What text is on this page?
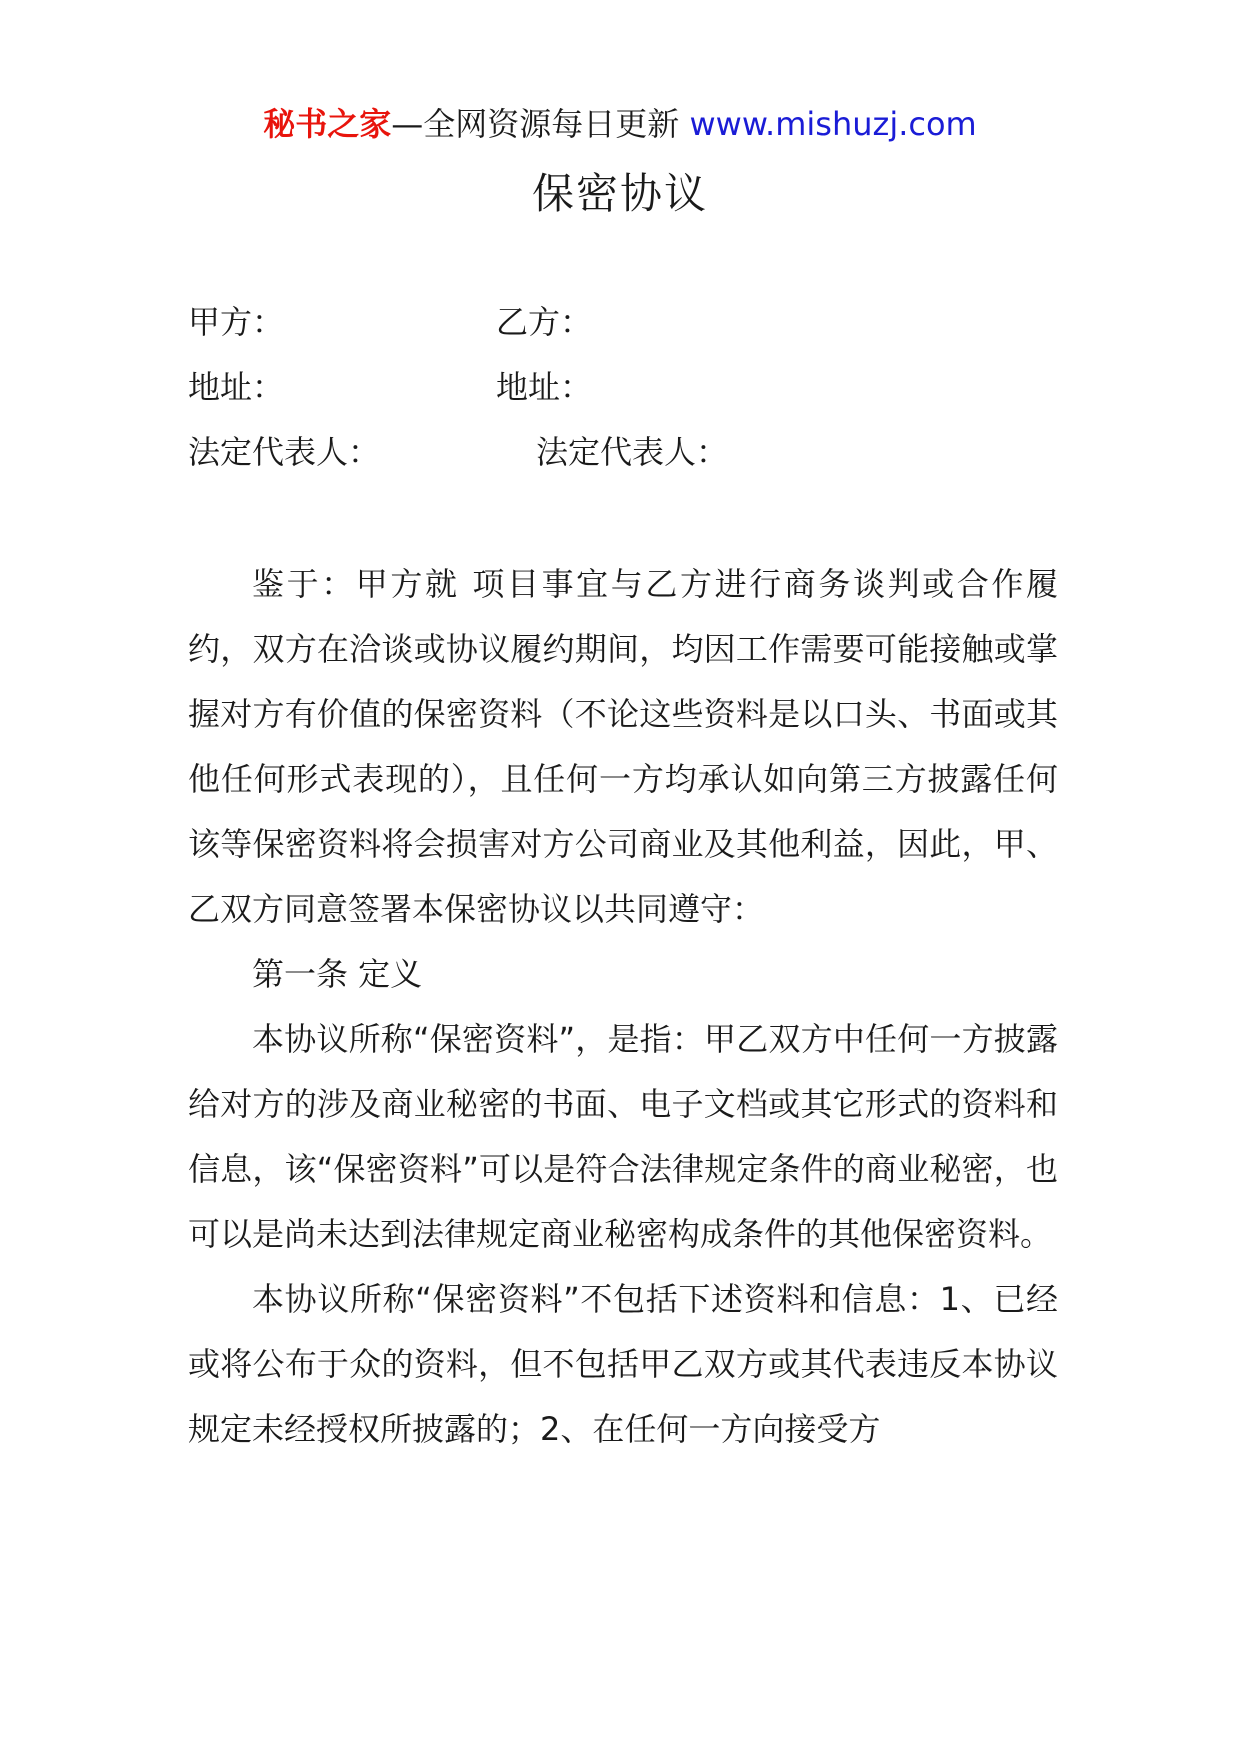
秘书之家—全网资源每日更新 www.mishuzj.com
保密协议
甲方：	乙方：
地址：	地址：
法定代表人：	法定代表人：

鉴于：甲方就 项目事宜与乙方进行商务谈判或合作履约，双方在洽谈或协议履约期间，均因工作需要可能接触或掌握对方有价值的保密资料（不论这些资料是以口头、书面或其他任何形式表现的），且任何一方均承认如向第三方披露任何该等保密资料将会损害对方公司商业及其他利益，因此，甲、乙双方同意签署本保密协议以共同遵守：

第一条 定义

本协议所称“保密资料”，是指：甲乙双方中任何一方披露给对方的涉及商业秘密的书面、电子文档或其它形式的资料和信息，该“保密资料”可以是符合法律规定条件的商业秘密，也可以是尚未达到法律规定商业秘密构成条件的其他保密资料。

本协议所称“保密资料”不包括下述资料和信息：1、已经或将公布于众的资料，但不包括甲乙双方或其代表违反本协议规定未经授权所披露的；2、在任何一方向接受方
